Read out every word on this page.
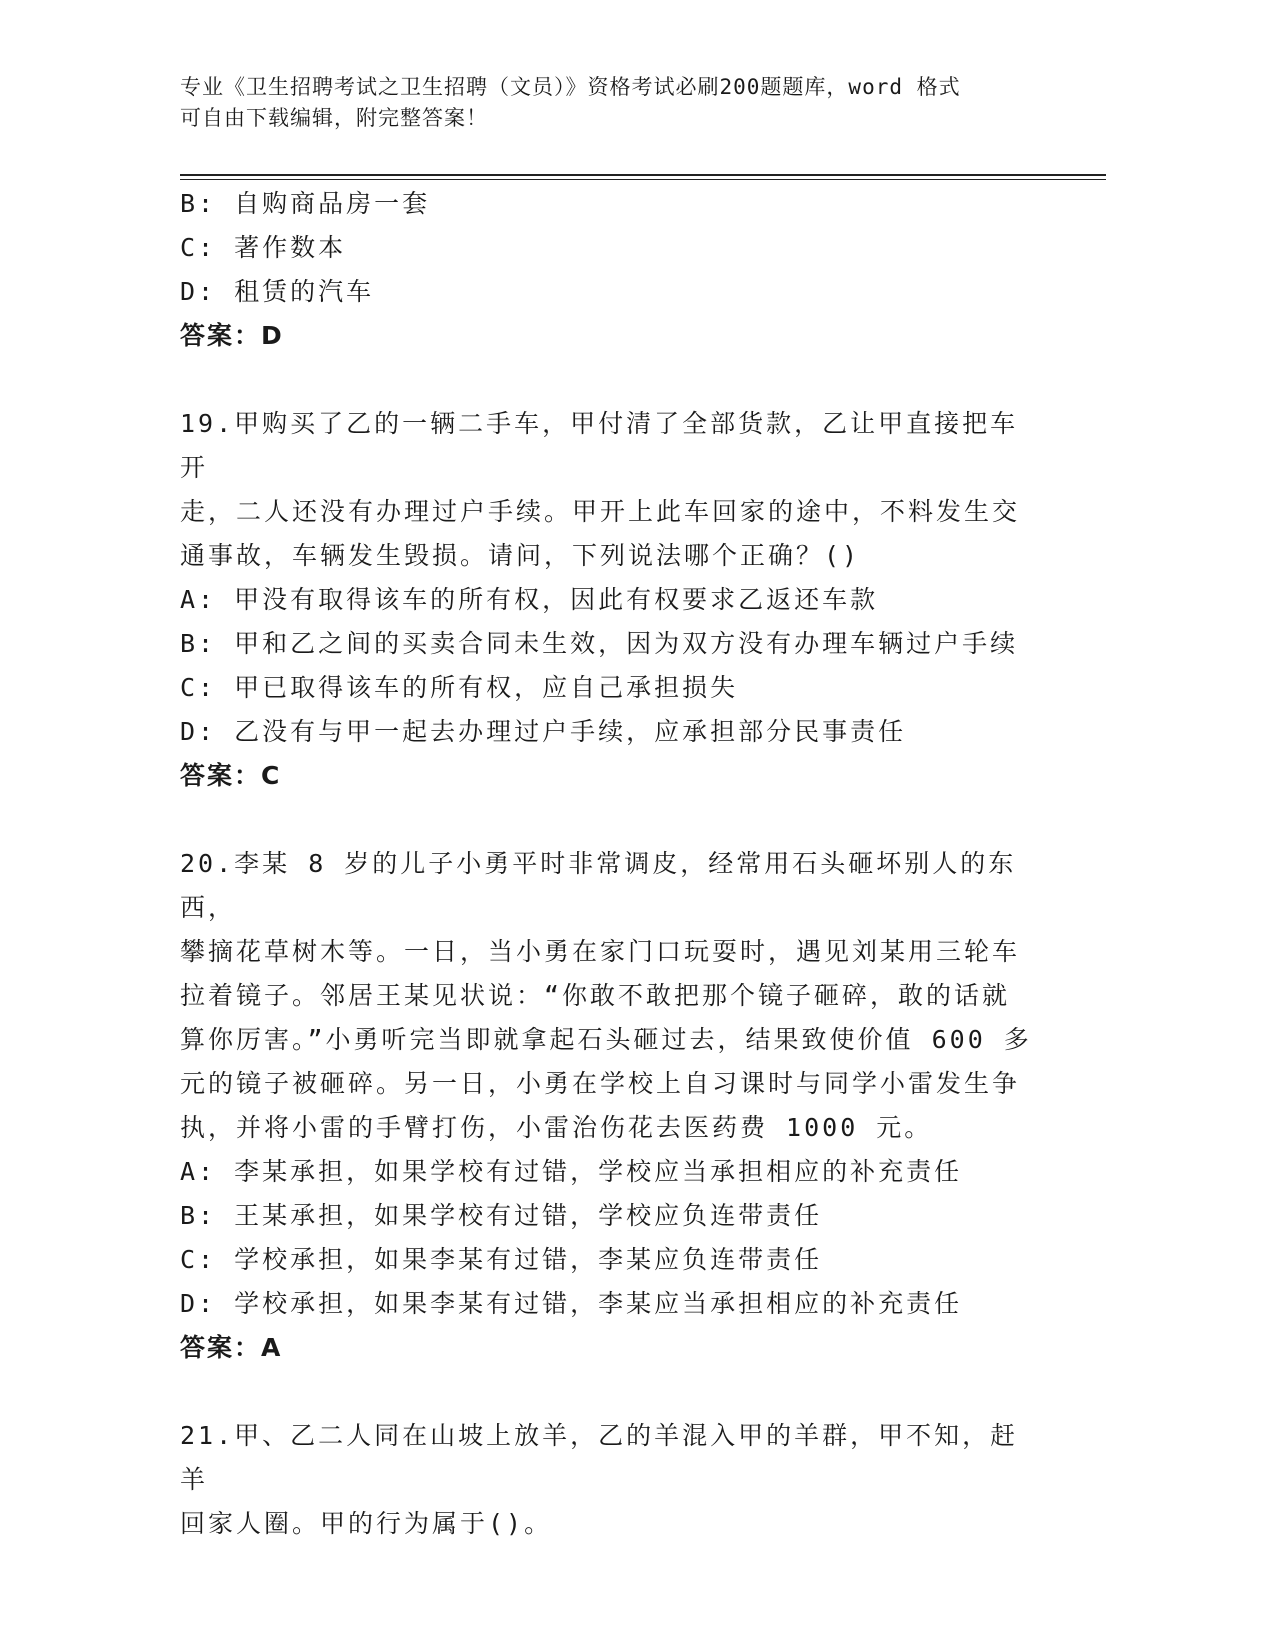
专业《卫生招聘考试之卫生招聘（文员）》资格考试必刷200题题库，word 格式
可自由下载编辑，附完整答案！
B: 自购商品房一套
C: 著作数本
D: 租赁的汽车
答案：D
19.甲购买了乙的一辆二手车，甲付清了全部货款，乙让甲直接把车开
走，二人还没有办理过户手续。甲开上此车回家的途中，不料发生交
通事故，车辆发生毁损。请问，下列说法哪个正确？()
A: 甲没有取得该车的所有权，因此有权要求乙返还车款
B: 甲和乙之间的买卖合同未生效，因为双方没有办理车辆过户手续
C: 甲已取得该车的所有权，应自己承担损失
D: 乙没有与甲一起去办理过户手续，应承担部分民事责任
答案：C
20.李某 8 岁的儿子小勇平时非常调皮，经常用石头砸坏别人的东西，
攀摘花草树木等。一日，当小勇在家门口玩耍时，遇见刘某用三轮车
拉着镜子。邻居王某见状说：“你敢不敢把那个镜子砸碎，敢的话就
算你厉害。”小勇听完当即就拿起石头砸过去，结果致使价值 600 多
元的镜子被砸碎。另一日，小勇在学校上自习课时与同学小雷发生争
执，并将小雷的手臂打伤，小雷治伤花去医药费 1000 元。
A: 李某承担，如果学校有过错，学校应当承担相应的补充责任
B: 王某承担，如果学校有过错，学校应负连带责任
C: 学校承担，如果李某有过错，李某应负连带责任
D: 学校承担，如果李某有过错，李某应当承担相应的补充责任
答案：A
21.甲、乙二人同在山坡上放羊，乙的羊混入甲的羊群，甲不知，赶羊
回家人圈。甲的行为属于()。
